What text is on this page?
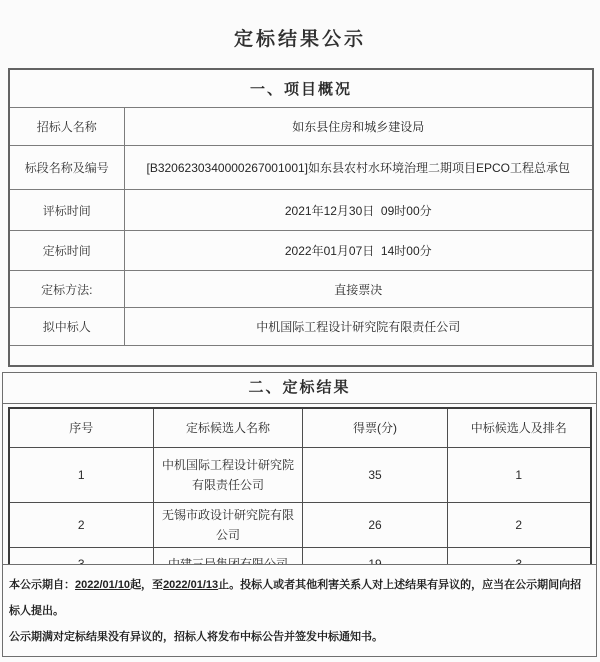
定标结果公示
一、项目概况	
招标人名称	如东县住房和城乡建设局
标段名称及编号	[B3206230340000267001001]如东县农村水环境治理二期项目EPCO工程总承包
评标时间	2021年12月30日  09时00分
定标时间	2022年01月07日  14时00分
定标方法:	直接票决
拟中标人	中机国际工程设计研究院有限责任公司

二、定标结果
序号	定标候选人名称	得票(分)	中标候选人及排名
1	中机国际工程设计研究院有限责任公司	35	1
2	无锡市政设计研究院有限公司	26	2

本公示期自：2022/01/10起，至2022/01/13止。投标人或者其他利害关系人对上述结果有异议的，应当在公示期间向招标人提出。

公示期满对定标结果没有异议的，招标人将发布中标公告并签发中标通知书。
